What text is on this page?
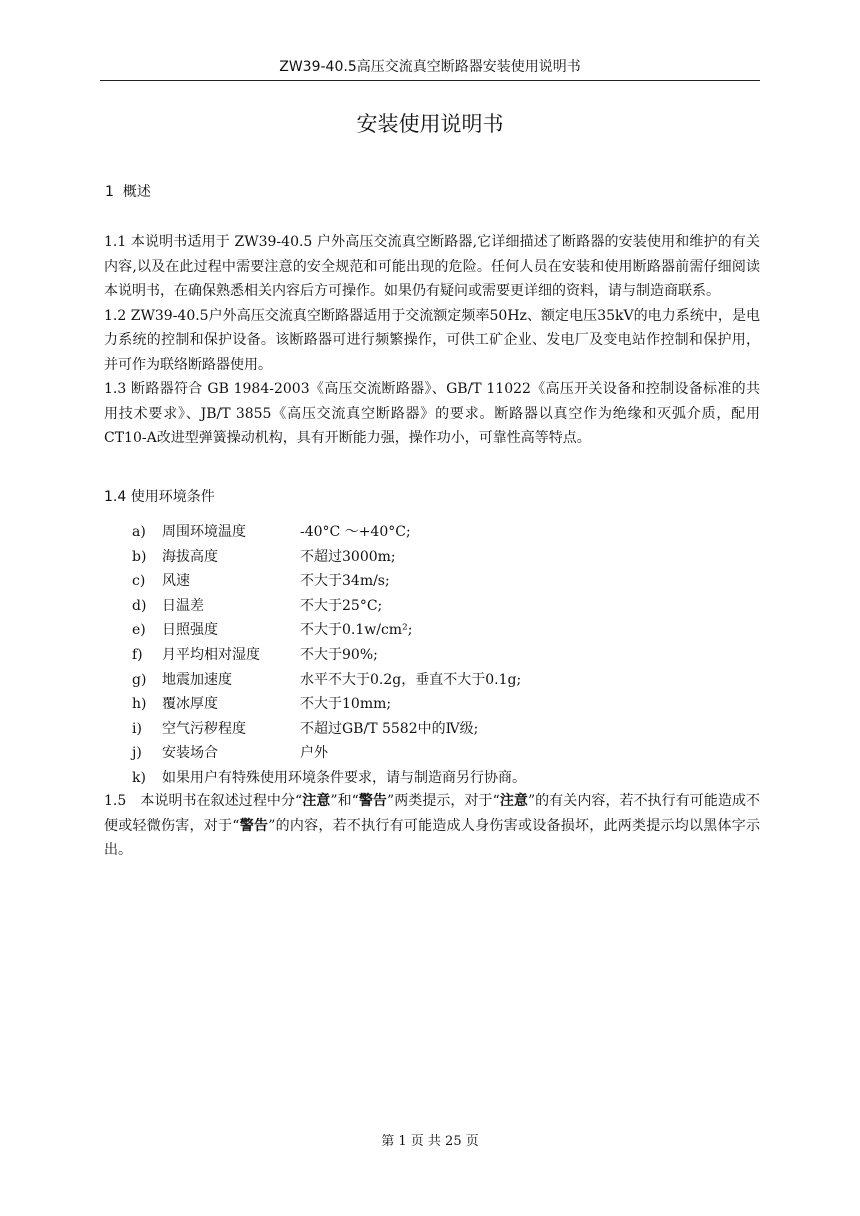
ZW39-40.5高压交流真空断路器安装使用说明书
安装使用说明书
1 概述

1.1 本说明书适用于 ZW39-40.5 户外高压交流真空断路器,它详细描述了断路器的安装使用和维护的有关内容,以及在此过程中需要注意的安全规范和可能出现的危险。任何人员在安装和使用断路器前需仔细阅读本说明书，在确保熟悉相关内容后方可操作。如果仍有疑问或需要更详细的资料，请与制造商联系。

1.2 ZW39-40.5户外高压交流真空断路器适用于交流额定频率50Hz、额定电压35kV的电力系统中，是电力系统的控制和保护设备。该断路器可进行频繁操作，可供工矿企业、发电厂及变电站作控制和保护用，并可作为联络断路器使用。

1.3 断路器符合 GB 1984-2003《高压交流断路器》、GB/T 11022《高压开关设备和控制设备标准的共用技术要求》、JB/T 3855《高压交流真空断路器》的要求。断路器以真空作为绝缘和灭弧介质，配用CT10-A改进型弹簧操动机构，具有开断能力强，操作功小，可靠性高等特点。

1.4 使用环境条件
a) 周围环境温度	-40°C ～+40°C;
b) 海拔高度	不超过3000m;
c) 风速	不大于34m/s;
d) 日温差	不大于25°C;
e) 日照强度	不大于0.1w/cm²;
f) 月平均相对湿度	不大于90%;
g) 地震加速度	水平不大于0.2g，垂直不大于0.1g;
h) 覆冰厚度	不大于10mm;
i) 空气污秽程度	不超过GB/T 5582中的Ⅳ级;
j) 安装场合	户外
k) 如果用户有特殊使用环境条件要求，请与制造商另行协商。
1.5　本说明书在叙述过程中分“注意”和“警告”两类提示，对于“注意”的有关内容，若不执行有可能造成不便或轻微伤害，对于“警告”的内容，若不执行有可能造成人身伤害或设备损坏，此两类提示均以黑体字示出。
第 1 页 共 25 页
